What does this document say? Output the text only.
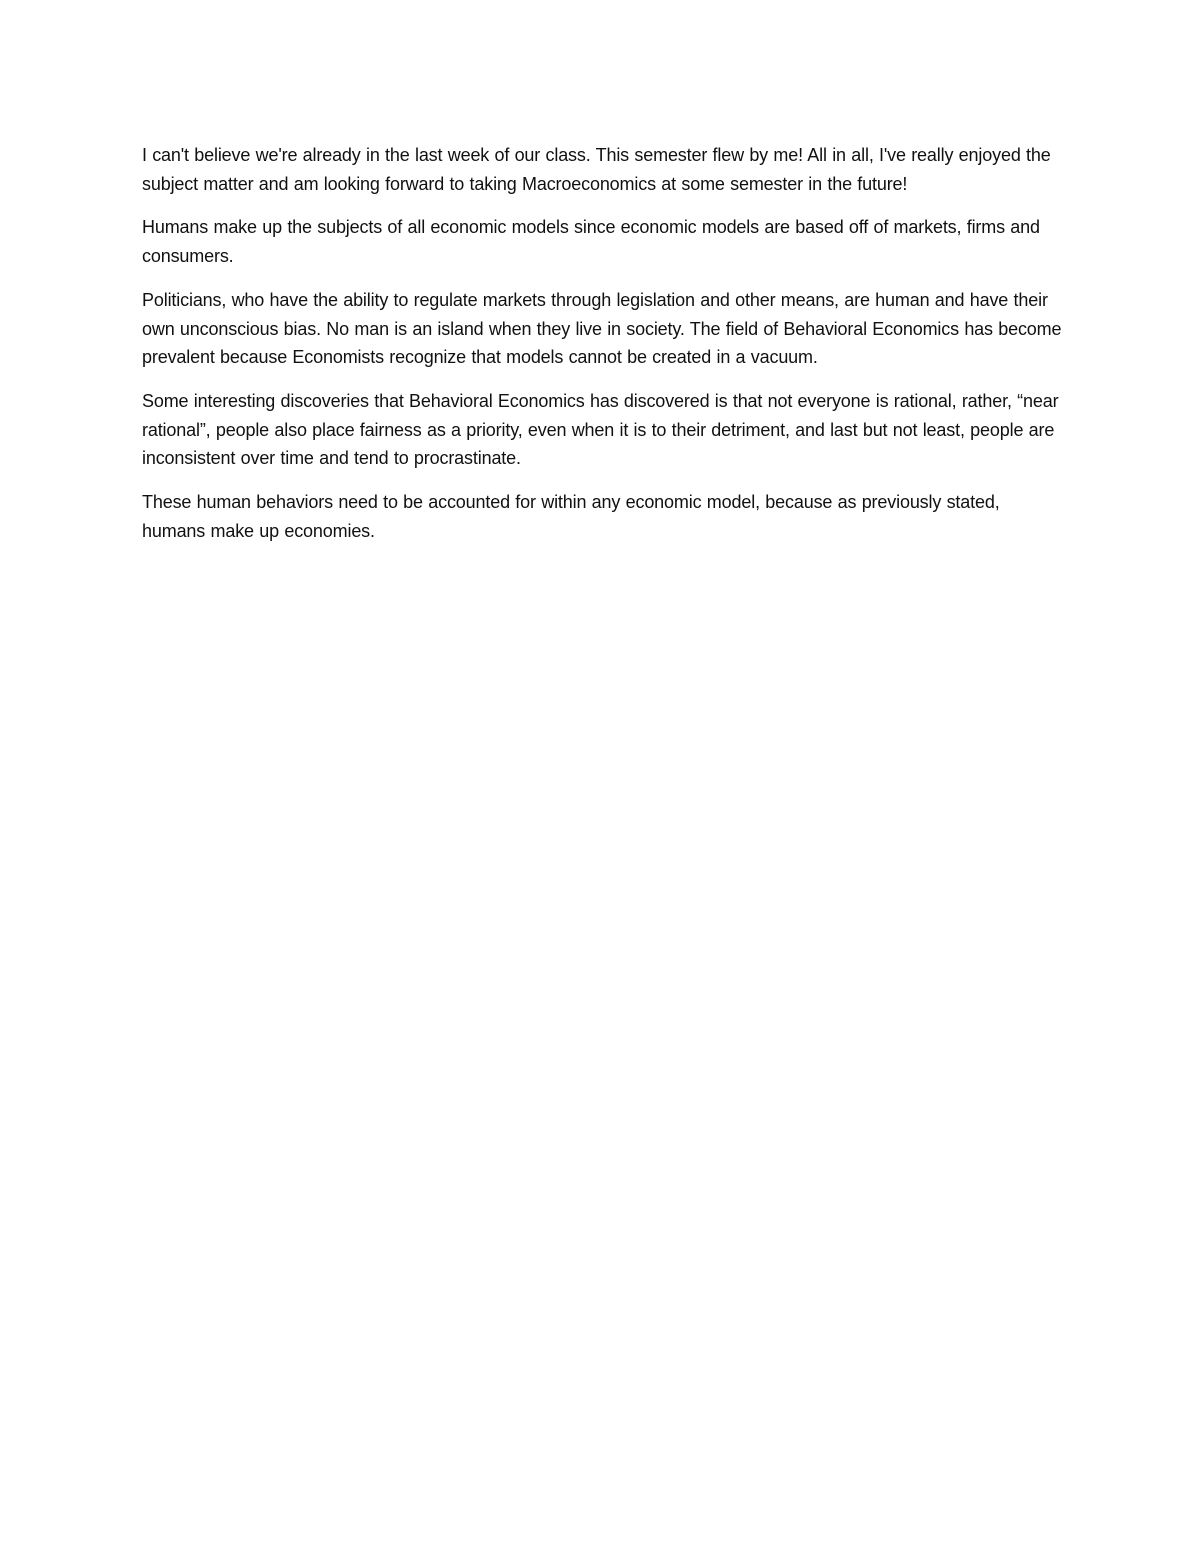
I can't believe we're already in the last week of our class. This semester flew by me! All in all, I've really enjoyed the subject matter and am looking forward to taking Macroeconomics at some semester in the future!

Humans make up the subjects of all economic models since economic models are based off of markets, firms and consumers.

Politicians, who have the ability to regulate markets through legislation and other means, are human and have their own unconscious bias. No man is an island when they live in society. The field of Behavioral Economics has become prevalent because Economists recognize that models cannot be created in a vacuum.

Some interesting discoveries that Behavioral Economics has discovered is that not everyone is rational, rather, “near rational”, people also place fairness as a priority, even when it is to their detriment, and last but not least, people are inconsistent over time and tend to procrastinate.

These human behaviors need to be accounted for within any economic model, because as previously stated, humans make up economies.
